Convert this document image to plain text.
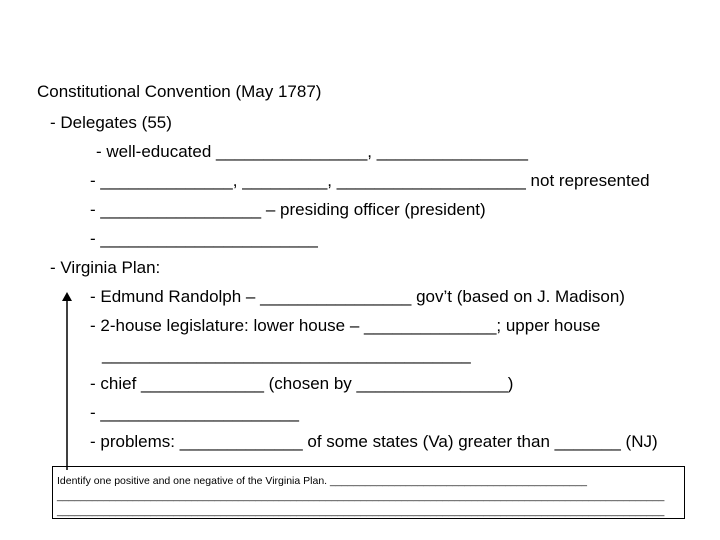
Constitutional Convention (May 1787)
- Delegates (55)
- well-educated ________________, ________________
- ______________, _________, ____________________ not represented
- _________________ – presiding officer (president)
- _______________________
- Virginia Plan:
- Edmund Randolph – ________________ gov’t (based on J. Madison)
- 2-house legislature: lower house – ______________; upper house
_______________________________________
- chief _____________ (chosen by ________________)
- _____________________
- problems: _____________ of some states (Va) greater than _______ (NJ)
Identify one positive and one negative of the Virginia Plan. ____________________________________________
________________________________________________________________________________________________________
________________________________________________________________________________________________________
